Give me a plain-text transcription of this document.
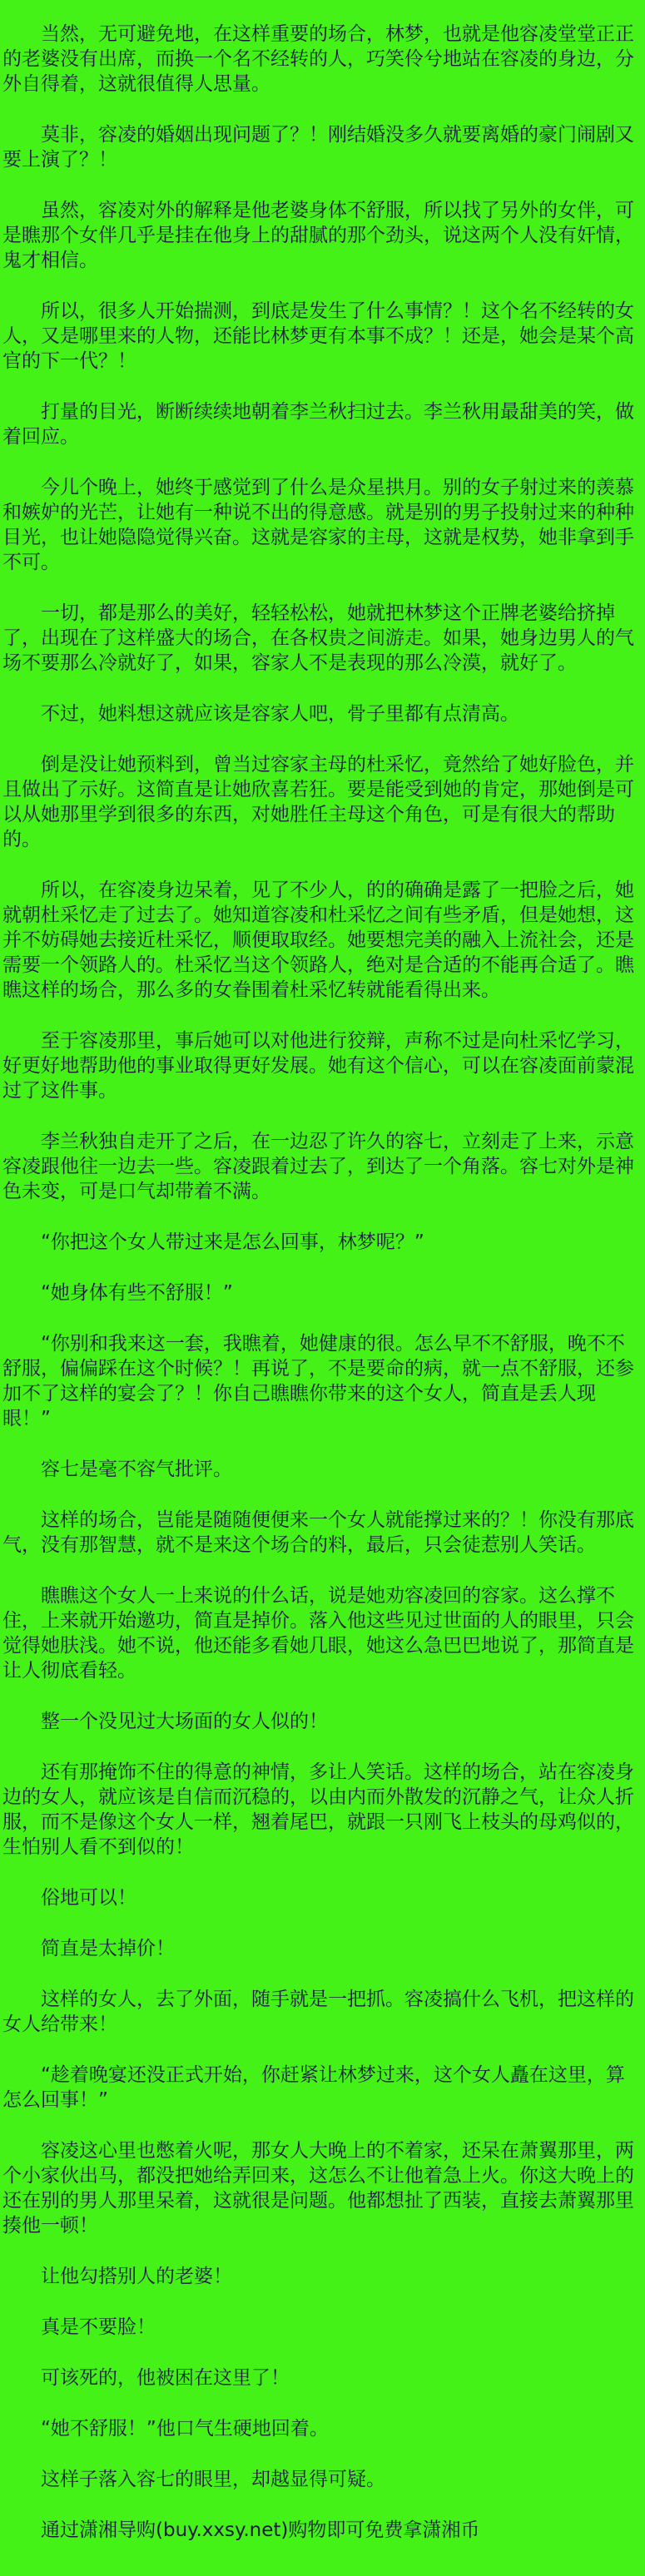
当然，无可避免地，在这样重要的场合，林梦，也就是他容凌堂堂正正的老婆没有出席，而换一个名不经转的人，巧笑伶兮地站在容凌的身边，分外自得着，这就很值得人思量。

莫非，容凌的婚姻出现问题了？！刚结婚没多久就要离婚的豪门闹剧又要上演了？！

虽然，容凌对外的解释是他老婆身体不舒服，所以找了另外的女伴，可是瞧那个女伴几乎是挂在他身上的甜腻的那个劲头，说这两个人没有奸情，鬼才相信。

所以，很多人开始揣测，到底是发生了什么事情？！这个名不经转的女人，又是哪里来的人物，还能比林梦更有本事不成？！还是，她会是某个高官的下一代？！

打量的目光，断断续续地朝着李兰秋扫过去。李兰秋用最甜美的笑，做着回应。

今儿个晚上，她终于感觉到了什么是众星拱月。别的女子射过来的羡慕和嫉妒的光芒，让她有一种说不出的得意感。就是别的男子投射过来的种种目光，也让她隐隐觉得兴奋。这就是容家的主母，这就是权势，她非拿到手不可。

一切，都是那么的美好，轻轻松松，她就把林梦这个正牌老婆给挤掉了，出现在了这样盛大的场合，在各权贵之间游走。如果，她身边男人的气场不要那么冷就好了，如果，容家人不是表现的那么冷漠，就好了。

不过，她料想这就应该是容家人吧，骨子里都有点清高。

倒是没让她预料到，曾当过容家主母的杜采忆，竟然给了她好脸色，并且做出了示好。这简直是让她欣喜若狂。要是能受到她的肯定，那她倒是可以从她那里学到很多的东西，对她胜任主母这个角色，可是有很大的帮助的。

所以，在容凌身边呆着，见了不少人，的的确确是露了一把脸之后，她就朝杜采忆走了过去了。她知道容凌和杜采忆之间有些矛盾，但是她想，这并不妨碍她去接近杜采忆，顺便取取经。她要想完美的融入上流社会，还是需要一个领路人的。杜采忆当这个领路人，绝对是合适的不能再合适了。瞧瞧这样的场合，那么多的女眷围着杜采忆转就能看得出来。

至于容凌那里，事后她可以对他进行狡辩，声称不过是向杜采忆学习，好更好地帮助他的事业取得更好发展。她有这个信心，可以在容凌面前蒙混过了这件事。

李兰秋独自走开了之后，在一边忍了许久的容七，立刻走了上来，示意容凌跟他往一边去一些。容凌跟着过去了，到达了一个角落。容七对外是神色未变，可是口气却带着不满。

“你把这个女人带过来是怎么回事，林梦呢？”

“她身体有些不舒服！”

“你别和我来这一套，我瞧着，她健康的很。怎么早不不舒服，晚不不舒服，偏偏踩在这个时候？！再说了，不是要命的病，就一点不舒服，还参加不了这样的宴会了？！你自己瞧瞧你带来的这个女人，简直是丢人现眼！”

容七是毫不容气批评。

这样的场合，岂能是随随便便来一个女人就能撑过来的？！你没有那底气，没有那智慧，就不是来这个场合的料，最后，只会徒惹别人笑话。

瞧瞧这个女人一上来说的什么话，说是她劝容凌回的容家。这么撑不住，上来就开始邀功，简直是掉价。落入他这些见过世面的人的眼里，只会觉得她肤浅。她不说，他还能多看她几眼，她这么急巴巴地说了，那简直是让人彻底看轻。

整一个没见过大场面的女人似的！

还有那掩饰不住的得意的神情，多让人笑话。这样的场合，站在容凌身边的女人，就应该是自信而沉稳的，以由内而外散发的沉静之气，让众人折服，而不是像这个女人一样，翘着尾巴，就跟一只刚飞上枝头的母鸡似的，生怕别人看不到似的！

俗地可以！

简直是太掉价！

这样的女人，去了外面，随手就是一把抓。容凌搞什么飞机，把这样的女人给带来！

“趁着晚宴还没正式开始，你赶紧让林梦过来，这个女人矗在这里，算怎么回事！”

容凌这心里也憋着火呢，那女人大晚上的不着家，还呆在萧翼那里，两个小家伙出马，都没把她给弄回来，这怎么不让他着急上火。你这大晚上的还在别的男人那里呆着，这就很是问题。他都想扯了西装，直接去萧翼那里揍他一顿！

让他勾搭别人的老婆！

真是不要脸！

可该死的，他被困在这里了！

“她不舒服！”他口气生硬地回着。

这样子落入容七的眼里，却越显得可疑。

通过潇湘导购(buy.xxsy.net)购物即可免费拿潇湘币
